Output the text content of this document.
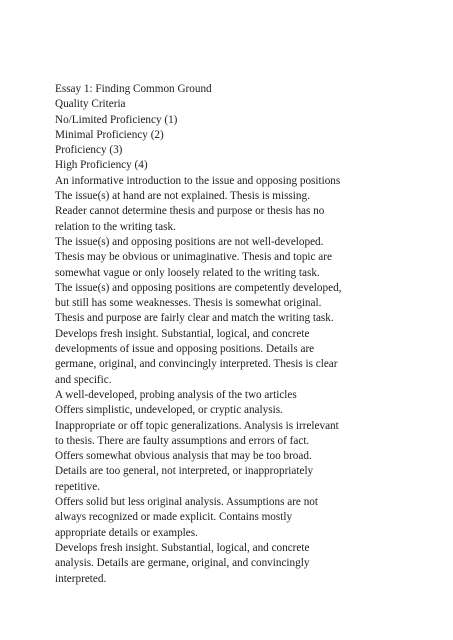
Essay 1: Finding Common Ground
Quality Criteria
No/Limited Proficiency (1)
Minimal Proficiency (2)
Proficiency (3)
High Proficiency (4)
An informative introduction to the issue and opposing positions
The issue(s) at hand are not explained. Thesis is missing.
Reader cannot determine thesis and purpose or thesis has no
relation to the writing task.
The issue(s) and opposing positions are not well-developed.
Thesis may be obvious or unimaginative. Thesis and topic are
somewhat vague or only loosely related to the writing task.
The issue(s) and opposing positions are competently developed,
but still has some weaknesses. Thesis is somewhat original.
Thesis and purpose are fairly clear and match the writing task.
Develops fresh insight. Substantial, logical, and concrete
developments of issue and opposing positions. Details are
germane, original, and convincingly interpreted. Thesis is clear
and specific.
A well-developed, probing analysis of the two articles
Offers simplistic, undeveloped, or cryptic analysis.
Inappropriate or off topic generalizations. Analysis is irrelevant
to thesis. There are faulty assumptions and errors of fact.
Offers somewhat obvious analysis that may be too broad.
Details are too general, not interpreted, or inappropriately
repetitive.
Offers solid but less original analysis. Assumptions are not
always recognized or made explicit. Contains mostly
appropriate details or examples.
Develops fresh insight. Substantial, logical, and concrete
analysis. Details are germane, original, and convincingly
interpreted.
